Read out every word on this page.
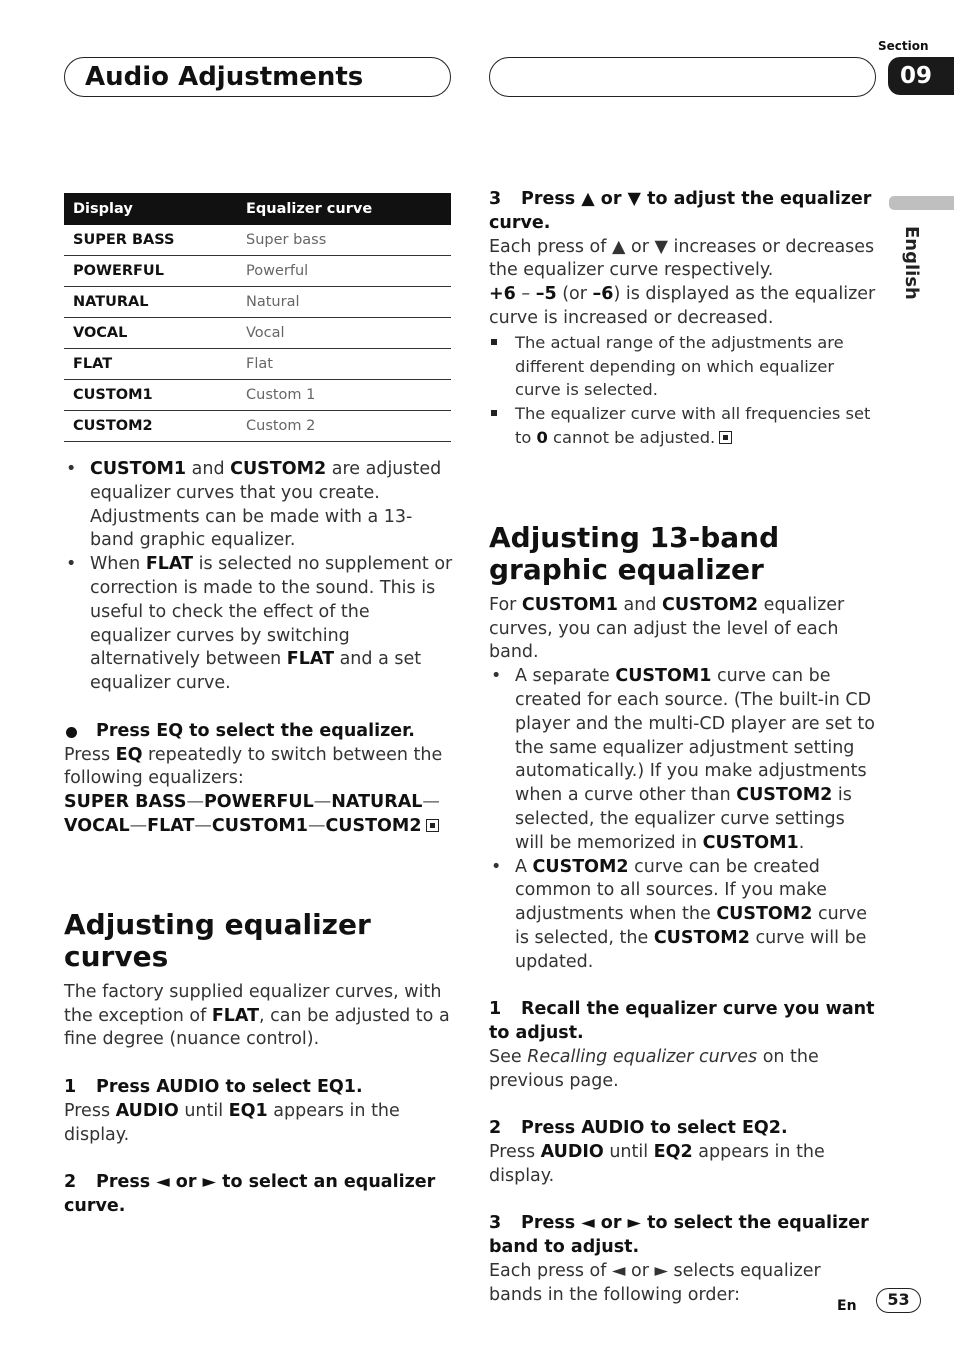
Audio Adjustments
Section
09
English
Display	Equalizer curve
SUPER BASS	Super bass
POWERFUL	Powerful
NATURAL	Natural
VOCAL	Vocal
FLAT	Flat
CUSTOM1	Custom 1
CUSTOM2	Custom 2

• CUSTOM1 and CUSTOM2 are adjusted equalizer curves that you create. Adjustments can be made with a 13-band graphic equalizer.

• When FLAT is selected no supplement or correction is made to the sound. This is useful to check the effect of the equalizer curves by switching alternatively between FLAT and a set equalizer curve.

Press EQ to select the equalizer.

Press EQ repeatedly to switch between the following equalizers:

SUPER BASS—POWERFUL—NATURAL—
VOCAL—FLAT—CUSTOM1—CUSTOM2

Adjusting equalizer curves

The factory supplied equalizer curves, with the exception of FLAT, can be adjusted to a fine degree (nuance control).

1 Press AUDIO to select EQ1.

Press AUDIO until EQ1 appears in the display.

2 Press ◄ or ► to select an equalizer curve.

3 Press ▲ or ▼ to adjust the equalizer curve.

Each press of ▲ or ▼ increases or decreases the equalizer curve respectively.

+6 – –5 (or –6) is displayed as the equalizer curve is increased or decreased.

The actual range of the adjustments are different depending on which equalizer curve is selected.

The equalizer curve with all frequencies set to 0 cannot be adjusted.

Adjusting 13-band graphic equalizer

For CUSTOM1 and CUSTOM2 equalizer curves, you can adjust the level of each band.

• A separate CUSTOM1 curve can be created for each source. (The built-in CD player and the multi-CD player are set to the same equalizer adjustment setting automatically.) If you make adjustments when a curve other than CUSTOM2 is selected, the equalizer curve settings will be memorized in CUSTOM1.

• A CUSTOM2 curve can be created common to all sources. If you make adjustments when the CUSTOM2 curve is selected, the CUSTOM2 curve will be updated.

1 Recall the equalizer curve you want to adjust.

See Recalling equalizer curves on the previous page.

2 Press AUDIO to select EQ2.

Press AUDIO until EQ2 appears in the display.

3 Press ◄ or ► to select the equalizer band to adjust.

Each press of ◄ or ► selects equalizer bands in the following order:

En	53
